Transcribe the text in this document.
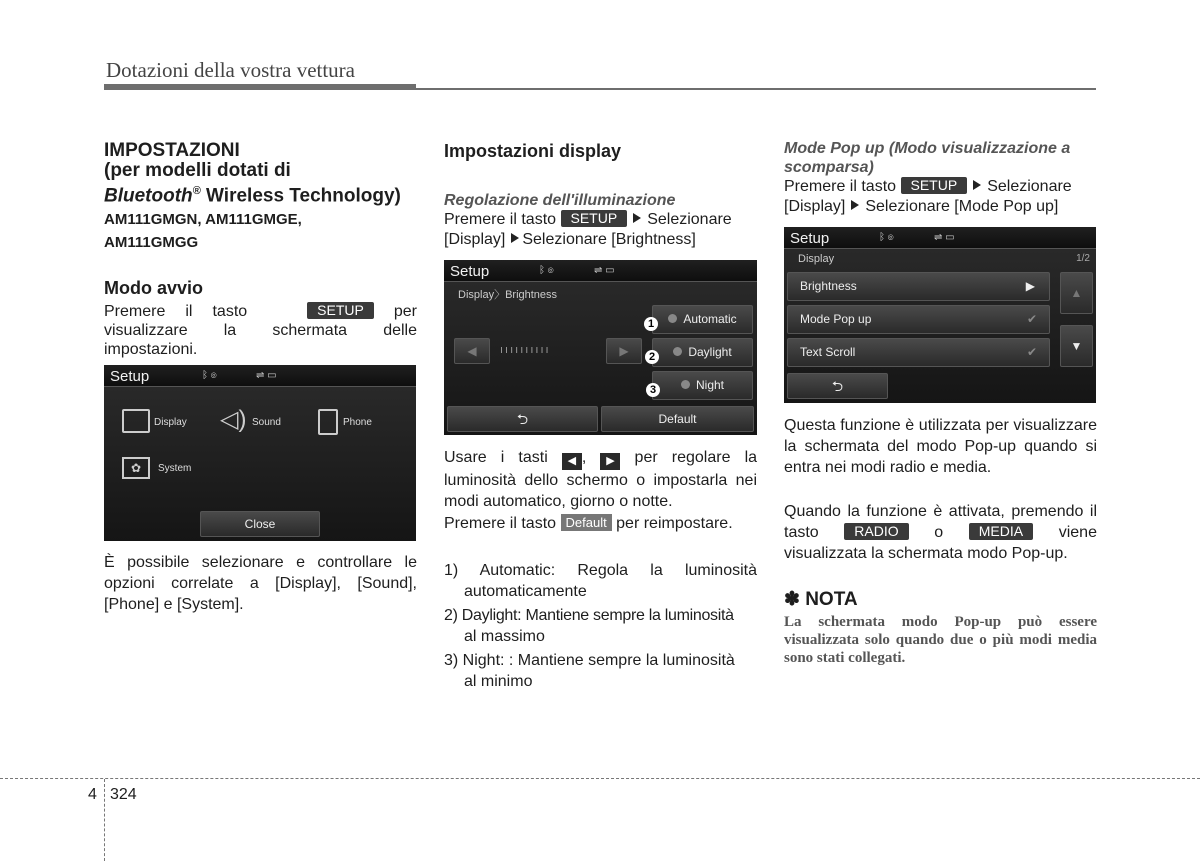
Dotazioni della vostra vettura
IMPOSTAZIONI
(per modelli dotati di
Bluetooth® Wireless Technology)
AM111GMGN, AM111GMGE,
AM111GMGG
Modo avvio
Premere il tasto	SETUP per
visualizzare la schermata delle
impostazioni.
Setup	ᛒ ◎	⇌ ▭
Display ◁) Sound	Phone
✿	System
Close
È possibile selezionare e controllare le opzioni correlate a [Display], [Sound], [Phone] e [System].
Impostazioni display
Regolazione dell'illuminazione
Premere il tasto SETUP Selezionare
[Display] Selezionare [Brightness]
Setup	ᛒ ◎	⇌ ▭
Display〉Brightness
◀	ıııııııııı	▶
Automatic
Daylight
Night
1
2
3
⮌	Default
Usare i tasti ◀ , ▶ per regolare la luminosità dello schermo o impostarla nei modi automatico, giorno o notte.
Premere il tasto Default per reimpostare.
1) Automatic: Regola la luminosità
automaticamente
2) Daylight: Mantiene sempre la luminosità
al massimo
3) Night: : Mantiene sempre la luminosità
al minimo
Mode Pop up (Modo visualizzazione a
scomparsa)
Premere il tasto SETUP Selezionare
[Display] Selezionare [Mode Pop up]
Setup	ᛒ ◎	⇌ ▭
Display	1/2
Brightness	▶
Mode Pop up	✔
Text Scroll	✔
▲
▼
⮌
Questa funzione è utilizzata per visualizzare la schermata del modo Pop-up quando si entra nei modi radio e media.
Quando la funzione è attivata, premendo il tasto	RADIO o	MEDIA viene visualizzata la schermata modo Pop-up.
✽ NOTA
La schermata modo Pop-up può essere visualizzata solo quando due o più modi media sono stati collegati.
4 324
